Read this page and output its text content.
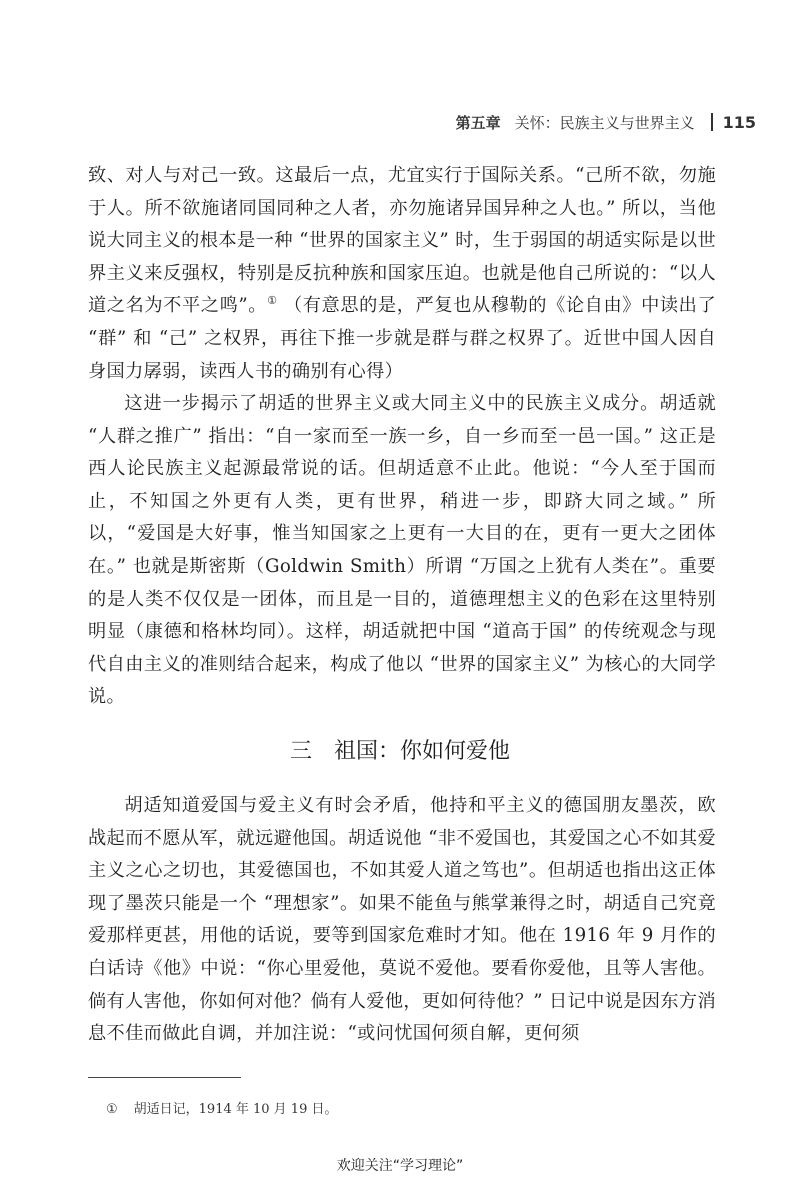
第五章 关怀：民族主义与世界主义 115

致、对人与对己一致。这最后一点，尤宜实行于国际关系。“己所不欲，勿施于人。所不欲施诸同国同种之人者，亦勿施诸异国异种之人也。” 所以，当他说大同主义的根本是一种 “世界的国家主义” 时，生于弱国的胡适实际是以世界主义来反强权，特别是反抗种族和国家压迫。也就是他自己所说的：“以人道之名为不平之鸣”。① （有意思的是，严复也从穆勒的《论自由》中读出了 “群” 和 “己” 之权界，再往下推一步就是群与群之权界了。近世中国人因自身国力孱弱，读西人书的确别有心得）

这进一步揭示了胡适的世界主义或大同主义中的民族主义成分。胡适就 “人群之推广” 指出：“自一家而至一族一乡，自一乡而至一邑一国。” 这正是西人论民族主义起源最常说的话。但胡适意不止此。他说：“今人至于国而止，不知国之外更有人类，更有世界，稍进一步，即跻大同之域。” 所以，“爱国是大好事，惟当知国家之上更有一大目的在，更有一更大之团体在。” 也就是斯密斯（Goldwin Smith）所谓 “万国之上犹有人类在”。重要的是人类不仅仅是一团体，而且是一目的，道德理想主义的色彩在这里特别明显（康德和格林均同）。这样，胡适就把中国 “道高于国” 的传统观念与现代自由主义的准则结合起来，构成了他以 “世界的国家主义” 为核心的大同学说。

三 祖国：你如何爱他

胡适知道爱国与爱主义有时会矛盾，他持和平主义的德国朋友墨茨，欧战起而不愿从军，就远避他国。胡适说他 “非不爱国也，其爱国之心不如其爱主义之心之切也，其爱德国也，不如其爱人道之笃也”。但胡适也指出这正体现了墨茨只能是一个 “理想家”。如果不能鱼与熊掌兼得之时，胡适自己究竟爱那样更甚，用他的话说，要等到国家危难时才知。他在 1916 年 9 月作的白话诗《他》中说：“你心里爱他，莫说不爱他。要看你爱他，且等人害他。倘有人害他，你如何对他？倘有人爱他，更如何待他？” 日记中说是因东方消息不佳而做此自调，并加注说：“或问忧国何须自解，更何须

① 胡适日记，1914 年 10 月 19 日。
欢迎关注“学习理论”
